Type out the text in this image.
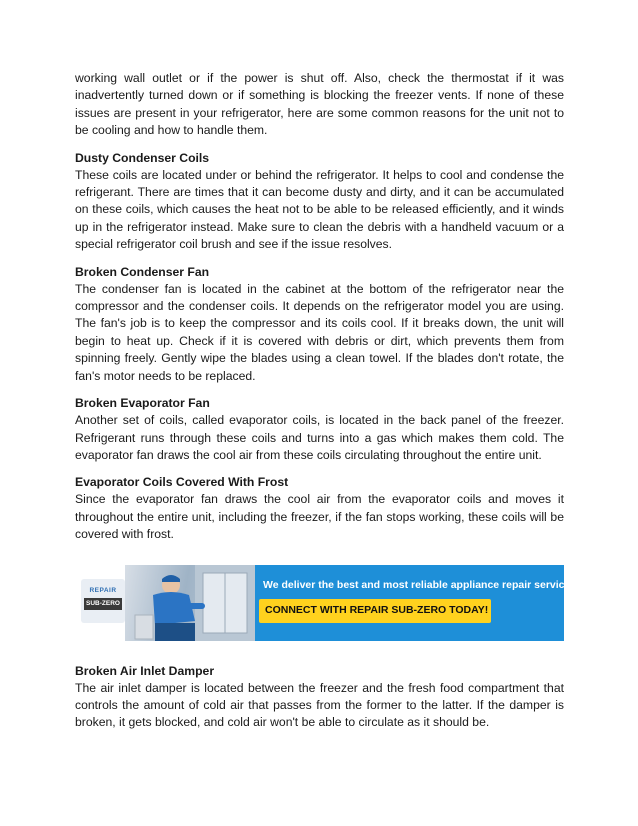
working wall outlet or if the power is shut off. Also, check the thermostat if it was inadvertently turned down or if something is blocking the freezer vents. If none of these issues are present in your refrigerator, here are some common reasons for the unit not to be cooling and how to handle them.

Dusty Condenser Coils

These coils are located under or behind the refrigerator. It helps to cool and condense the refrigerant. There are times that it can become dusty and dirty, and it can be accumulated on these coils, which causes the heat not to be able to be released efficiently, and it winds up in the refrigerator instead. Make sure to clean the debris with a handheld vacuum or a special refrigerator coil brush and see if the issue resolves.

Broken Condenser Fan

The condenser fan is located in the cabinet at the bottom of the refrigerator near the compressor and the condenser coils. It depends on the refrigerator model you are using. The fan's job is to keep the compressor and its coils cool. If it breaks down, the unit will begin to heat up. Check if it is covered with debris or dirt, which prevents them from spinning freely. Gently wipe the blades using a clean towel. If the blades don't rotate, the fan's motor needs to be replaced.

Broken Evaporator Fan

Another set of coils, called evaporator coils, is located in the back panel of the freezer. Refrigerant runs through these coils and turns into a gas which makes them cold. The evaporator fan draws the cool air from these coils circulating throughout the entire unit.

Evaporator Coils Covered With Frost

Since the evaporator fan draws the cool air from the evaporator coils and moves it throughout the entire unit, including the freezer, if the fan stops working, these coils will be covered with frost.

REPAIR
SUB-ZERO
We deliver the best and most reliable appliance repair services.
CONNECT WITH REPAIR SUB-ZERO TODAY!
Broken Air Inlet Damper

The air inlet damper is located between the freezer and the fresh food compartment that controls the amount of cold air that passes from the former to the latter. If the damper is broken, it gets blocked, and cold air won't be able to circulate as it should be.
